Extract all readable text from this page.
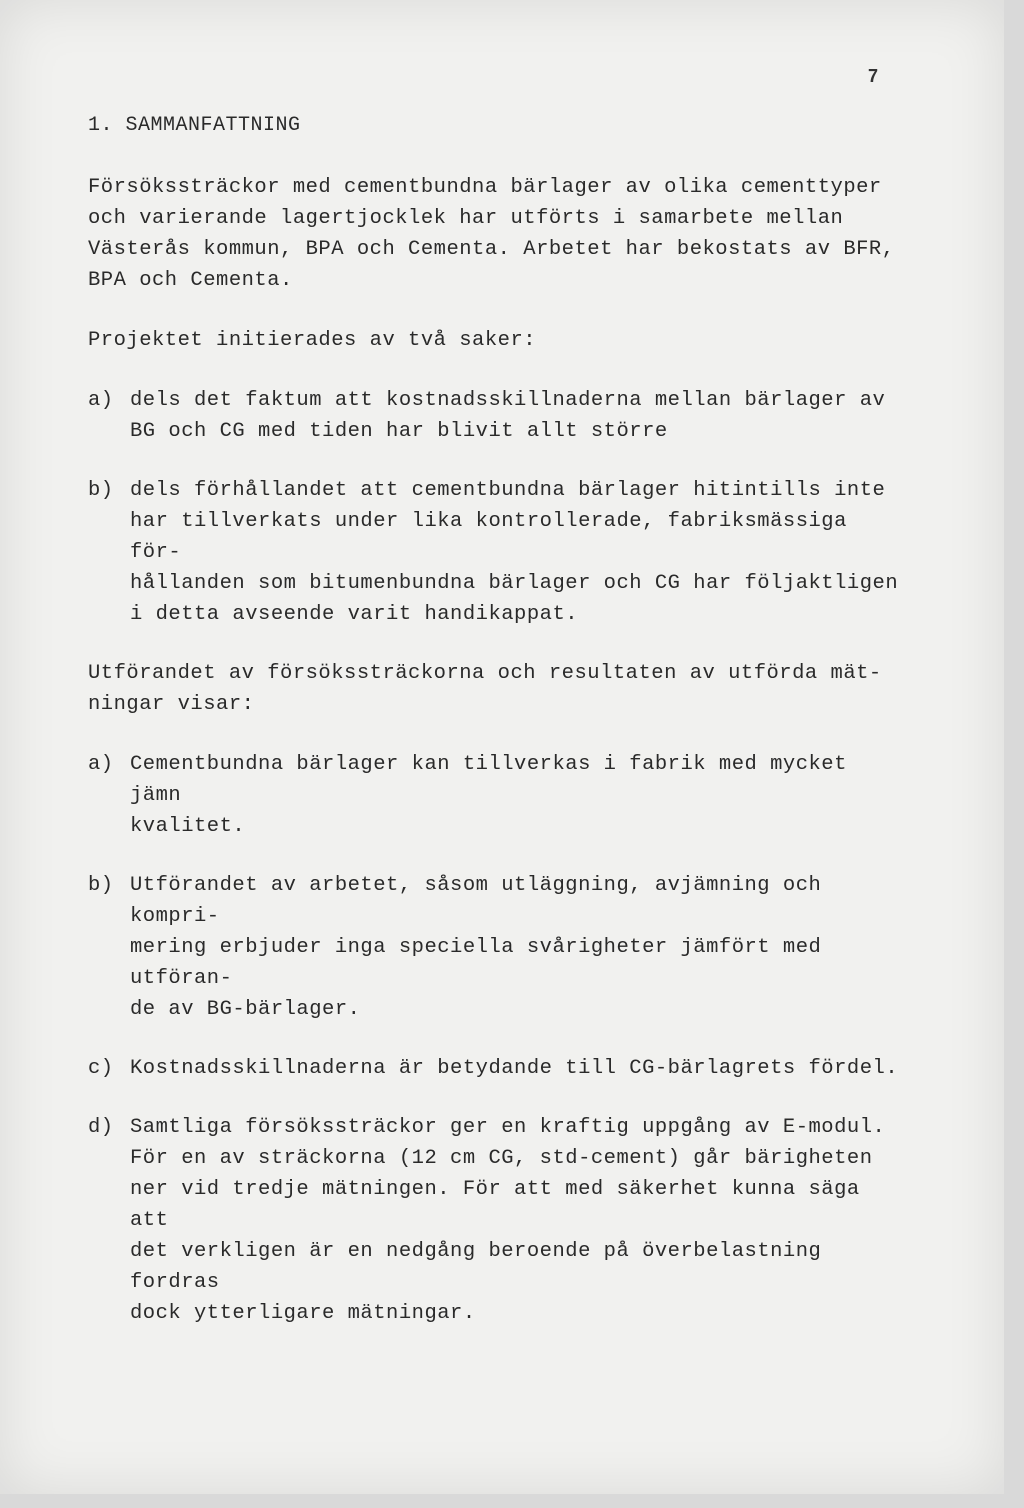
7
1. SAMMANFATTNING

Försökssträckor med cementbundna bärlager av olika cementtyper
och varierande lagertjocklek har utförts i samarbete mellan
Västerås kommun, BPA och Cementa. Arbetet har bekostats av BFR,
BPA och Cementa.

Projektet initierades av två saker:

a) dels det faktum att kostnadsskillnaderna mellan bärlager av
BG och CG med tiden har blivit allt större
b) dels förhållandet att cementbundna bärlager hitintills inte
har tillverkats under lika kontrollerade, fabriksmässiga för-
hållanden som bitumenbundna bärlager och CG har följaktligen
i detta avseende varit handikappat.

Utförandet av försökssträckorna och resultaten av utförda mät-
ningar visar:

a) Cementbundna bärlager kan tillverkas i fabrik med mycket jämn
kvalitet.
b) Utförandet av arbetet, såsom utläggning, avjämning och kompri-
mering erbjuder inga speciella svårigheter jämfört med utföran-
de av BG-bärlager.
c) Kostnadsskillnaderna är betydande till CG-bärlagrets fördel.
d) Samtliga försökssträckor ger en kraftig uppgång av E-modul.
För en av sträckorna (12 cm CG, std-cement) går bärigheten
ner vid tredje mätningen. För att med säkerhet kunna säga att
det verkligen är en nedgång beroende på överbelastning fordras
dock ytterligare mätningar.
